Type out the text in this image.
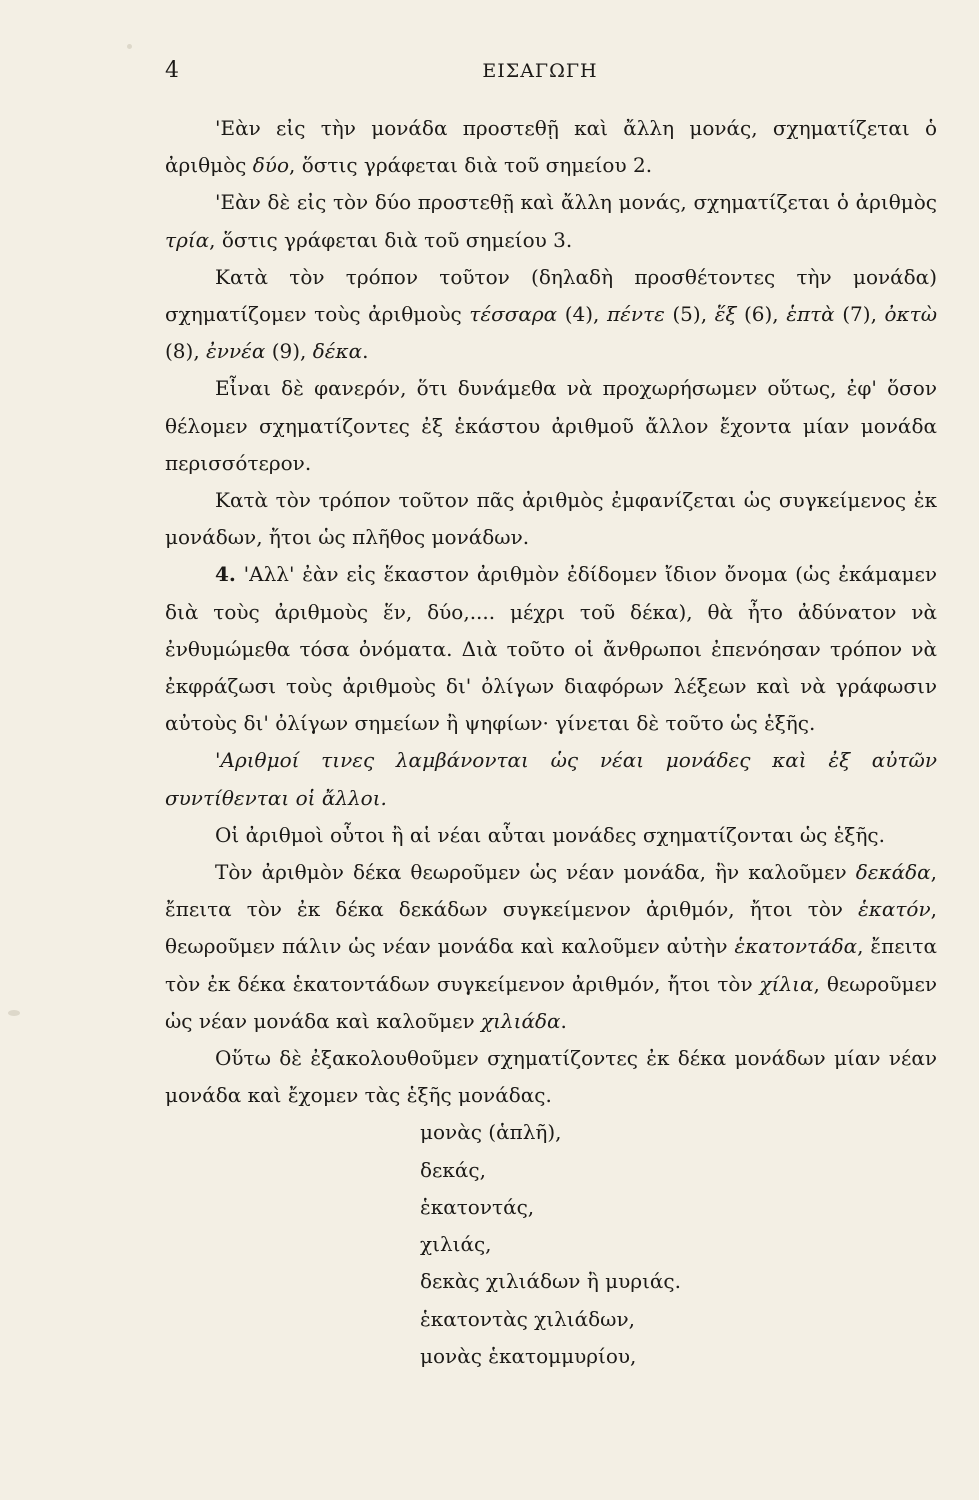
4	ΕΙΣΑΓΩΓΗ

'Εὰν εἰς τὴν μονάδα προστεθῇ καὶ ἄλλη μονάς, σχηματίζεται ὁ ἀριθμὸς δύο, ὅστις γράφεται διὰ τοῦ σημείου 2.

'Εὰν δὲ εἰς τὸν δύο προστεθῇ καὶ ἄλλη μονάς, σχηματίζεται ὁ ἀριθμὸς τρία, ὅστις γράφεται διὰ τοῦ σημείου 3.

Κατὰ τὸν τρόπον τοῦτον (δηλαδὴ προσθέτοντες τὴν μονάδα) σχηματίζομεν τοὺς ἀριθμοὺς τέσσαρα (4), πέντε (5), ἕξ (6), ἑπτὰ (7), ὀκτὼ (8), ἐννέα (9), δέκα.

Εἶναι δὲ φανερόν, ὅτι δυνάμεθα νὰ προχωρήσωμεν οὕτως, ἐφ' ὅσον θέλομεν σχηματίζοντες ἐξ ἑκάστου ἀριθμοῦ ἄλλον ἔχοντα μίαν μονάδα περισσότερον.

Κατὰ τὸν τρόπον τοῦτον πᾶς ἀριθμὸς ἐμφανίζεται ὡς συγκείμενος ἐκ μονάδων, ἤτοι ὡς πλῆθος μονάδων.

4. 'Αλλ' ἐὰν εἰς ἕκαστον ἀριθμὸν ἐδίδομεν ἴδιον ὄνομα (ὡς ἐκάμαμεν διὰ τοὺς ἀριθμοὺς ἕν, δύο,.... μέχρι τοῦ δέκα), θὰ ἦτο ἀδύνατον νὰ ἐνθυμώμεθα τόσα ὀνόματα. Διὰ τοῦτο οἱ ἄνθρωποι ἐπενόησαν τρόπον νὰ ἐκφράζωσι τοὺς ἀριθμοὺς δι' ὀλίγων διαφόρων λέξεων καὶ νὰ γράφωσιν αὐτοὺς δι' ὀλίγων σημείων ἢ ψηφίων· γίνεται δὲ τοῦτο ὡς ἑξῆς.

'Αριθμοί τινες λαμβάνονται ὡς νέαι μονάδες καὶ ἐξ αὐτῶν συντίθενται οἱ ἄλλοι.

Οἱ ἀριθμοὶ οὗτοι ἢ αἱ νέαι αὗται μονάδες σχηματίζονται ὡς ἑξῆς.

Τὸν ἀριθμὸν δέκα θεωροῦμεν ὡς νέαν μονάδα, ἣν καλοῦμεν δεκάδα, ἔπειτα τὸν ἐκ δέκα δεκάδων συγκείμενον ἀριθμόν, ἤτοι τὸν ἑκατόν, θεωροῦμεν πάλιν ὡς νέαν μονάδα καὶ καλοῦμεν αὐτὴν ἑκατοντάδα, ἔπειτα τὸν ἐκ δέκα ἑκατοντάδων συγκείμενον ἀριθμόν, ἤτοι τὸν χίλια, θεωροῦμεν ὡς νέαν μονάδα καὶ καλοῦμεν χιλιάδα.

Οὕτω δὲ ἐξακολουθοῦμεν σχηματίζοντες ἐκ δέκα μονάδων μίαν νέαν μονάδα καὶ ἔχομεν τὰς ἑξῆς μονάδας.

μονὰς (ἁπλῆ),
δεκάς,
ἑκατοντάς,
χιλιάς,
δεκὰς χιλιάδων ἢ μυριάς.
ἑκατοντὰς χιλιάδων,
μονὰς ἑκατομμυρίου,
